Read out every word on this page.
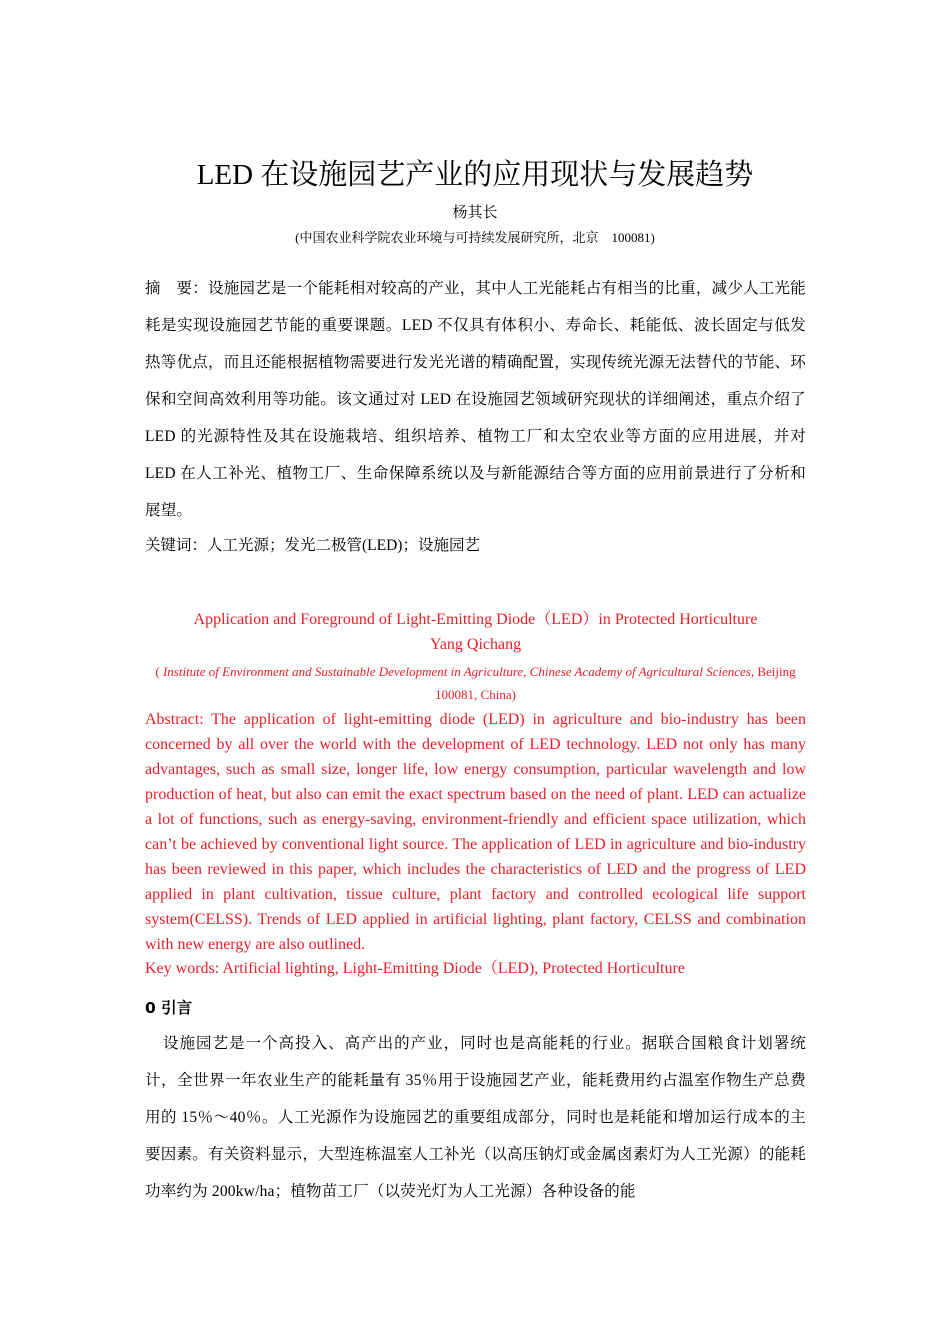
LED 在设施园艺产业的应用现状与发展趋势
杨其长
(中国农业科学院农业环境与可持续发展研究所，北京　100081)
摘　要：设施园艺是一个能耗相对较高的产业，其中人工光能耗占有相当的比重，减少人工光能耗是实现设施园艺节能的重要课题。LED 不仅具有体积小、寿命长、耗能低、波长固定与低发热等优点，而且还能根据植物需要进行发光光谱的精确配置，实现传统光源无法替代的节能、环保和空间高效利用等功能。该文通过对 LED 在设施园艺领域研究现状的详细阐述，重点介绍了 LED 的光源特性及其在设施栽培、组织培养、植物工厂和太空农业等方面的应用进展，并对 LED 在人工补光、植物工厂、生命保障系统以及与新能源结合等方面的应用前景进行了分析和展望。
关键词：人工光源；发光二极管(LED)；设施园艺
Application and Foreground of Light-Emitting Diode（LED）in Protected Horticulture
Yang Qichang
( Institute of Environment and Sustainable Development in Agriculture, Chinese Academy of Agricultural Sciences, Beijing 100081, China)
Abstract: The application of light-emitting diode (LED) in agriculture and bio-industry has been concerned by all over the world with the development of LED technology. LED not only has many advantages, such as small size, longer life, low energy consumption, particular wavelength and low production of heat, but also can emit the exact spectrum based on the need of plant. LED can actualize a lot of functions, such as energy-saving, environment-friendly and efficient space utilization, which can’t be achieved by conventional light source. The application of LED in agriculture and bio-industry has been reviewed in this paper, which includes the characteristics of LED and the progress of LED applied in plant cultivation, tissue culture, plant factory and controlled ecological life support system(CELSS). Trends of LED applied in artificial lighting, plant factory, CELSS and combination with new energy are also outlined.
Key words: Artificial lighting, Light-Emitting Diode（LED), Protected Horticulture
0 引言
设施园艺是一个高投入、高产出的产业，同时也是高能耗的行业。据联合国粮食计划署统计，全世界一年农业生产的能耗量有 35％用于设施园艺产业，能耗费用约占温室作物生产总费用的 15％～40％。人工光源作为设施园艺的重要组成部分，同时也是耗能和增加运行成本的主要因素。有关资料显示，大型连栋温室人工补光（以高压钠灯或金属卤素灯为人工光源）的能耗功率约为 200kw/ha；植物苗工厂（以荧光灯为人工光源）各种设备的能
